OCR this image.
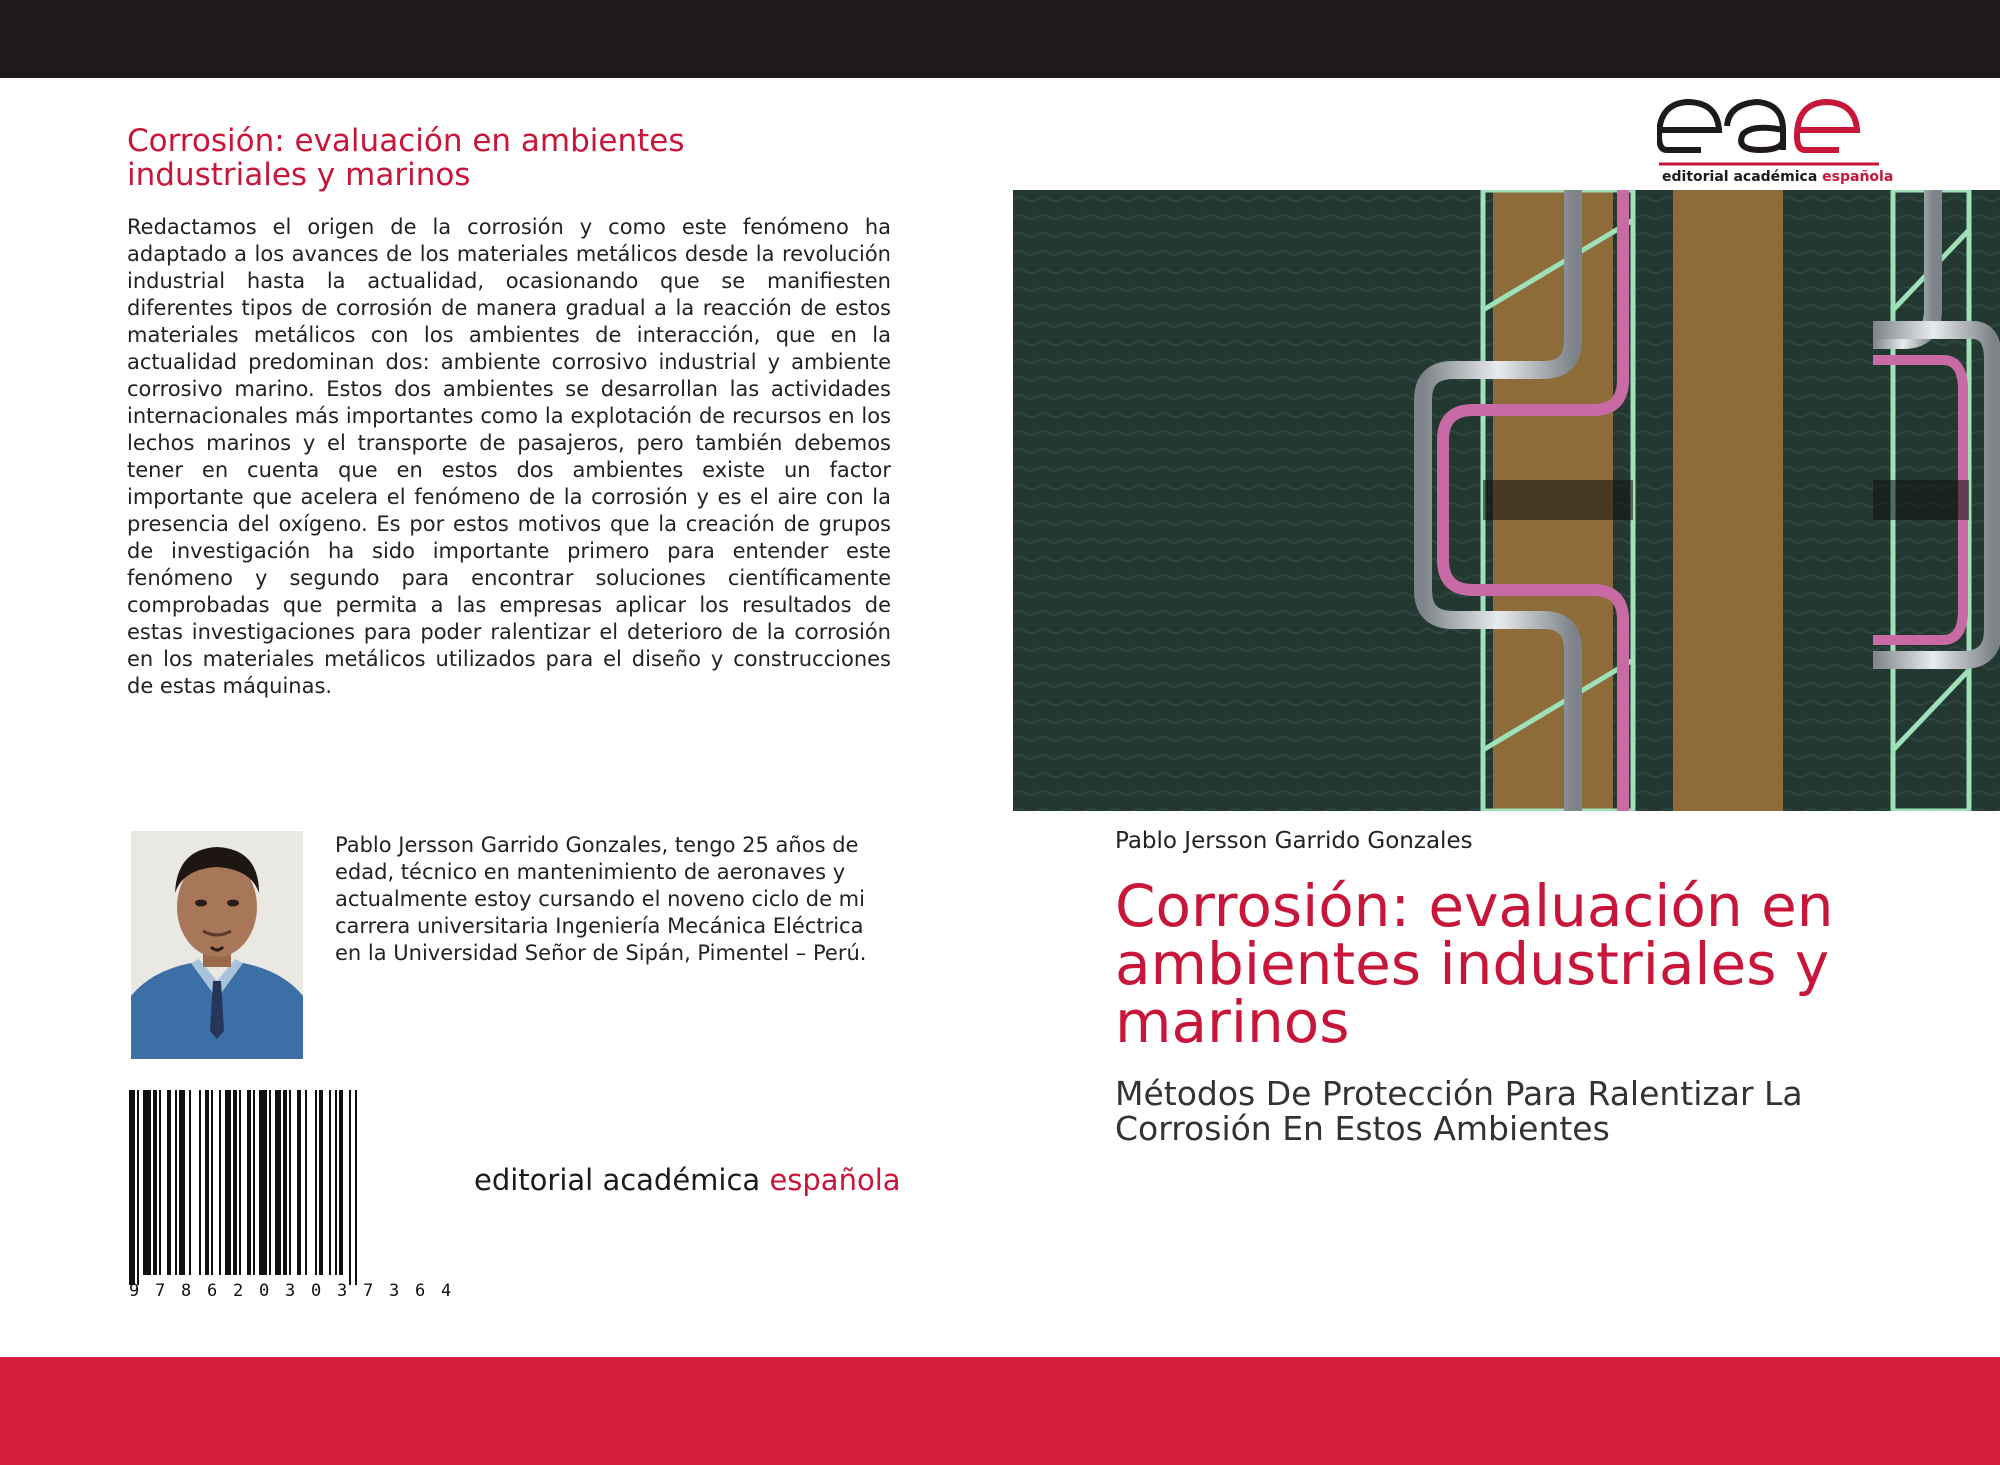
Corrosión: evaluación en ambientes industriales y marinos

Redactamos el origen de la corrosión y como este fenómeno ha adaptado a los avances de los materiales metálicos desde la revolución industrial hasta la actualidad, ocasionando que se manifiesten diferentes tipos de corrosión de manera gradual a la reacción de estos materiales metálicos con los ambientes de interacción, que en la actualidad predominan dos: ambiente corrosivo industrial y ambiente corrosivo marino. Estos dos ambientes se desarrollan las actividades internacionales más importantes como la explotación de recursos en los lechos marinos y el transporte de pasajeros, pero también debemos tener en cuenta que en estos dos ambientes existe un factor importante que acelera el fenómeno de la corrosión y es el aire con la presencia del oxígeno. Es por estos motivos que la creación de grupos de investigación ha sido importante primero para entender este fenómeno y segundo para encontrar soluciones científicamente comprobadas que permita a las empresas aplicar los resultados de estas investigaciones para poder ralentizar el deterioro de la corrosión en los materiales metálicos utilizados para el diseño y construcciones de estas máquinas.

Pablo Jersson Garrido Gonzales, tengo 25 años de edad, técnico en mantenimiento de aeronaves y actualmente estoy cursando el noveno ciclo de mi carrera universitaria Ingeniería Mecánica Eléctrica en la Universidad Señor de Sipán, Pimentel – Perú.

9 7 8 6 2 0 3 0 3 7 3 6 4
editorial académica española
editorial académica española
Pablo Jersson Garrido Gonzales
Corrosión: evaluación en ambientes industriales y marinos
Métodos De Protección Para Ralentizar La Corrosión En Estos Ambientes
